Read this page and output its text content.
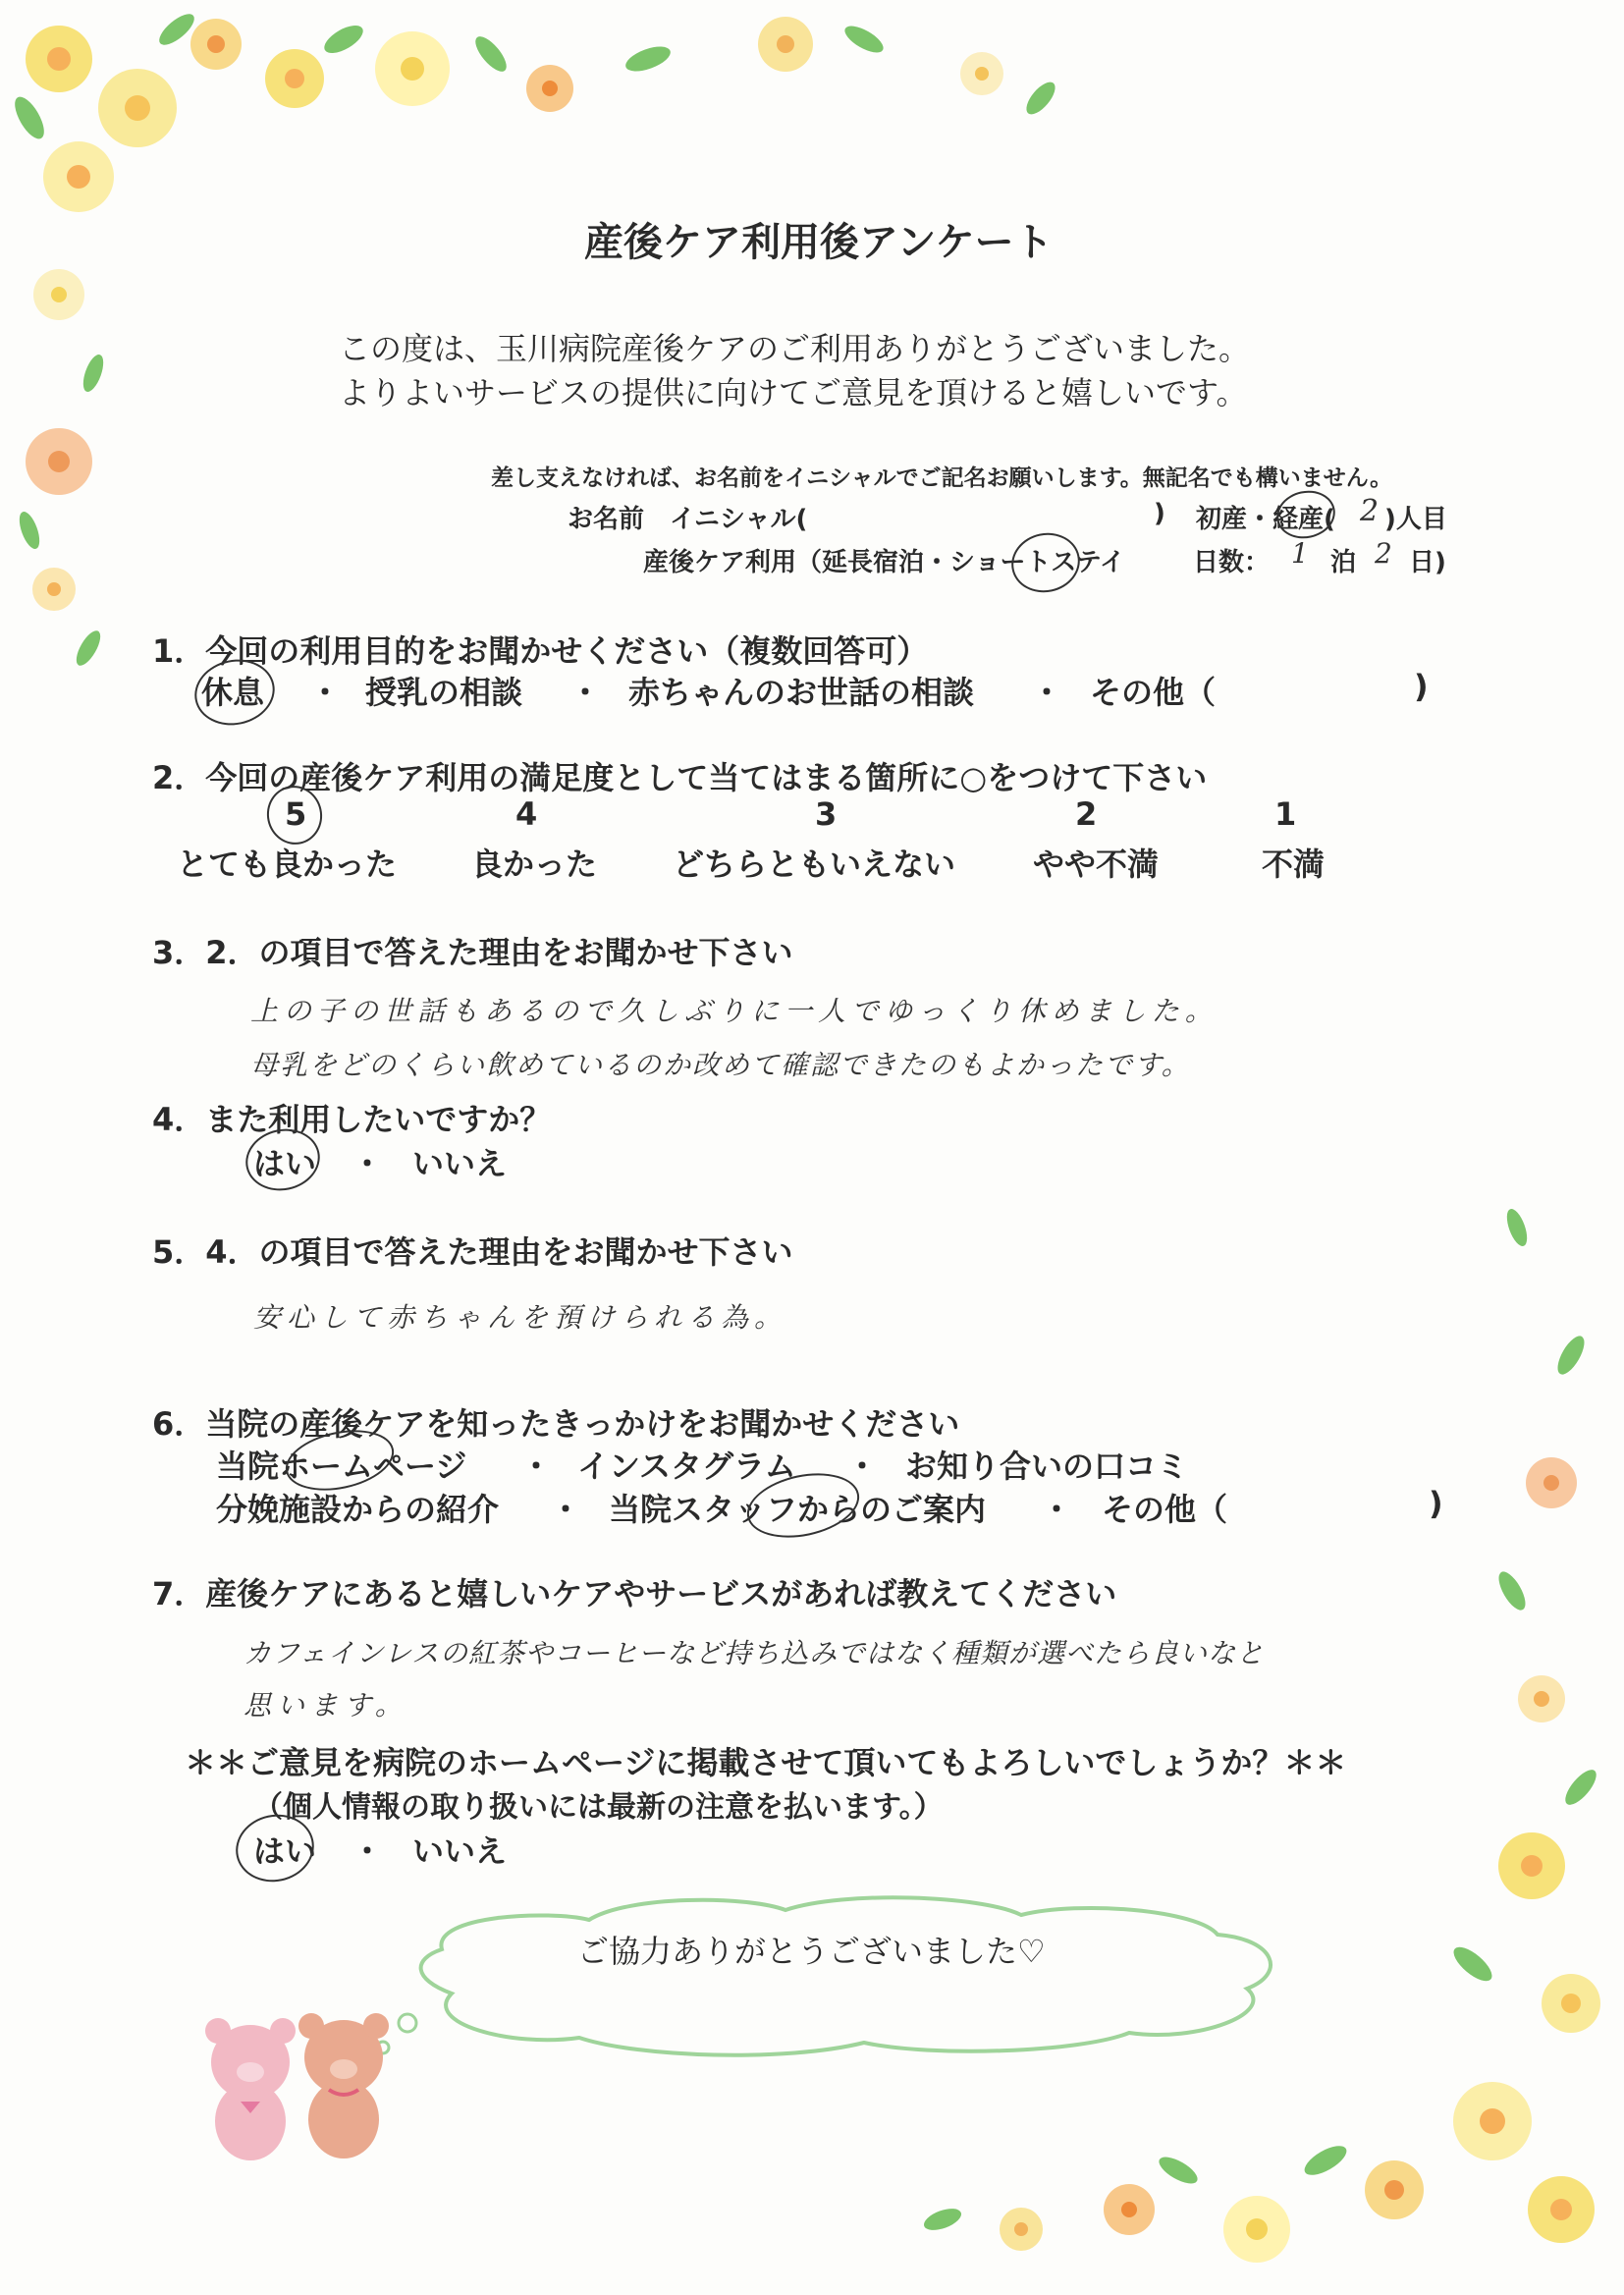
産後ケア利用後アンケート
この度は、玉川病院産後ケアのご利用ありがとうございました。
よりよいサービスの提供に向けてご意見を頂けると嬉しいです。
差し支えなければ、お名前をイニシャルでご記名お願いします。無記名でも構いません。
お名前　イニシャル(	) 初産・経産( 2 )人目
産後ケア利用（延長宿泊・ショートステイ	日数： 1 泊 2 日)
1．今回の利用目的をお聞かせください（複数回答可）
休息 ・ 授乳の相談 ・ 赤ちゃんのお世話の相談 ・ その他（	)
2．今回の産後ケア利用の満足度として当てはまる箇所に○をつけて下さい
5	4	3	2	1
とても良かった 良かった どちらともいえない やや不満	不満
3．2．の項目で答えた理由をお聞かせ下さい
上の子の世話もあるので久しぶりに一人でゆっくり休めました。
母乳をどのくらい飲めているのか改めて確認できたのもよかったです。
4．また利用したいですか？
はい ・ いいえ
5．4．の項目で答えた理由をお聞かせ下さい
安心して赤ちゃんを預けられる為。
6．当院の産後ケアを知ったきっかけをお聞かせください
当院ホームページ ・ インスタグラム ・ お知り合いの口コミ
分娩施設からの紹介 ・ 当院スタッフからのご案内 ・ その他（	)
7．産後ケアにあると嬉しいケアやサービスがあれば教えてください
カフェインレスの紅茶やコーヒーなど持ち込みではなく種類が選べたら良いなと
思います。
＊＊ご意見を病院のホームページに掲載させて頂いてもよろしいでしょうか？＊＊
（個人情報の取り扱いには最新の注意を払います。）
はい ・ いいえ
ご協力ありがとうございました♡
